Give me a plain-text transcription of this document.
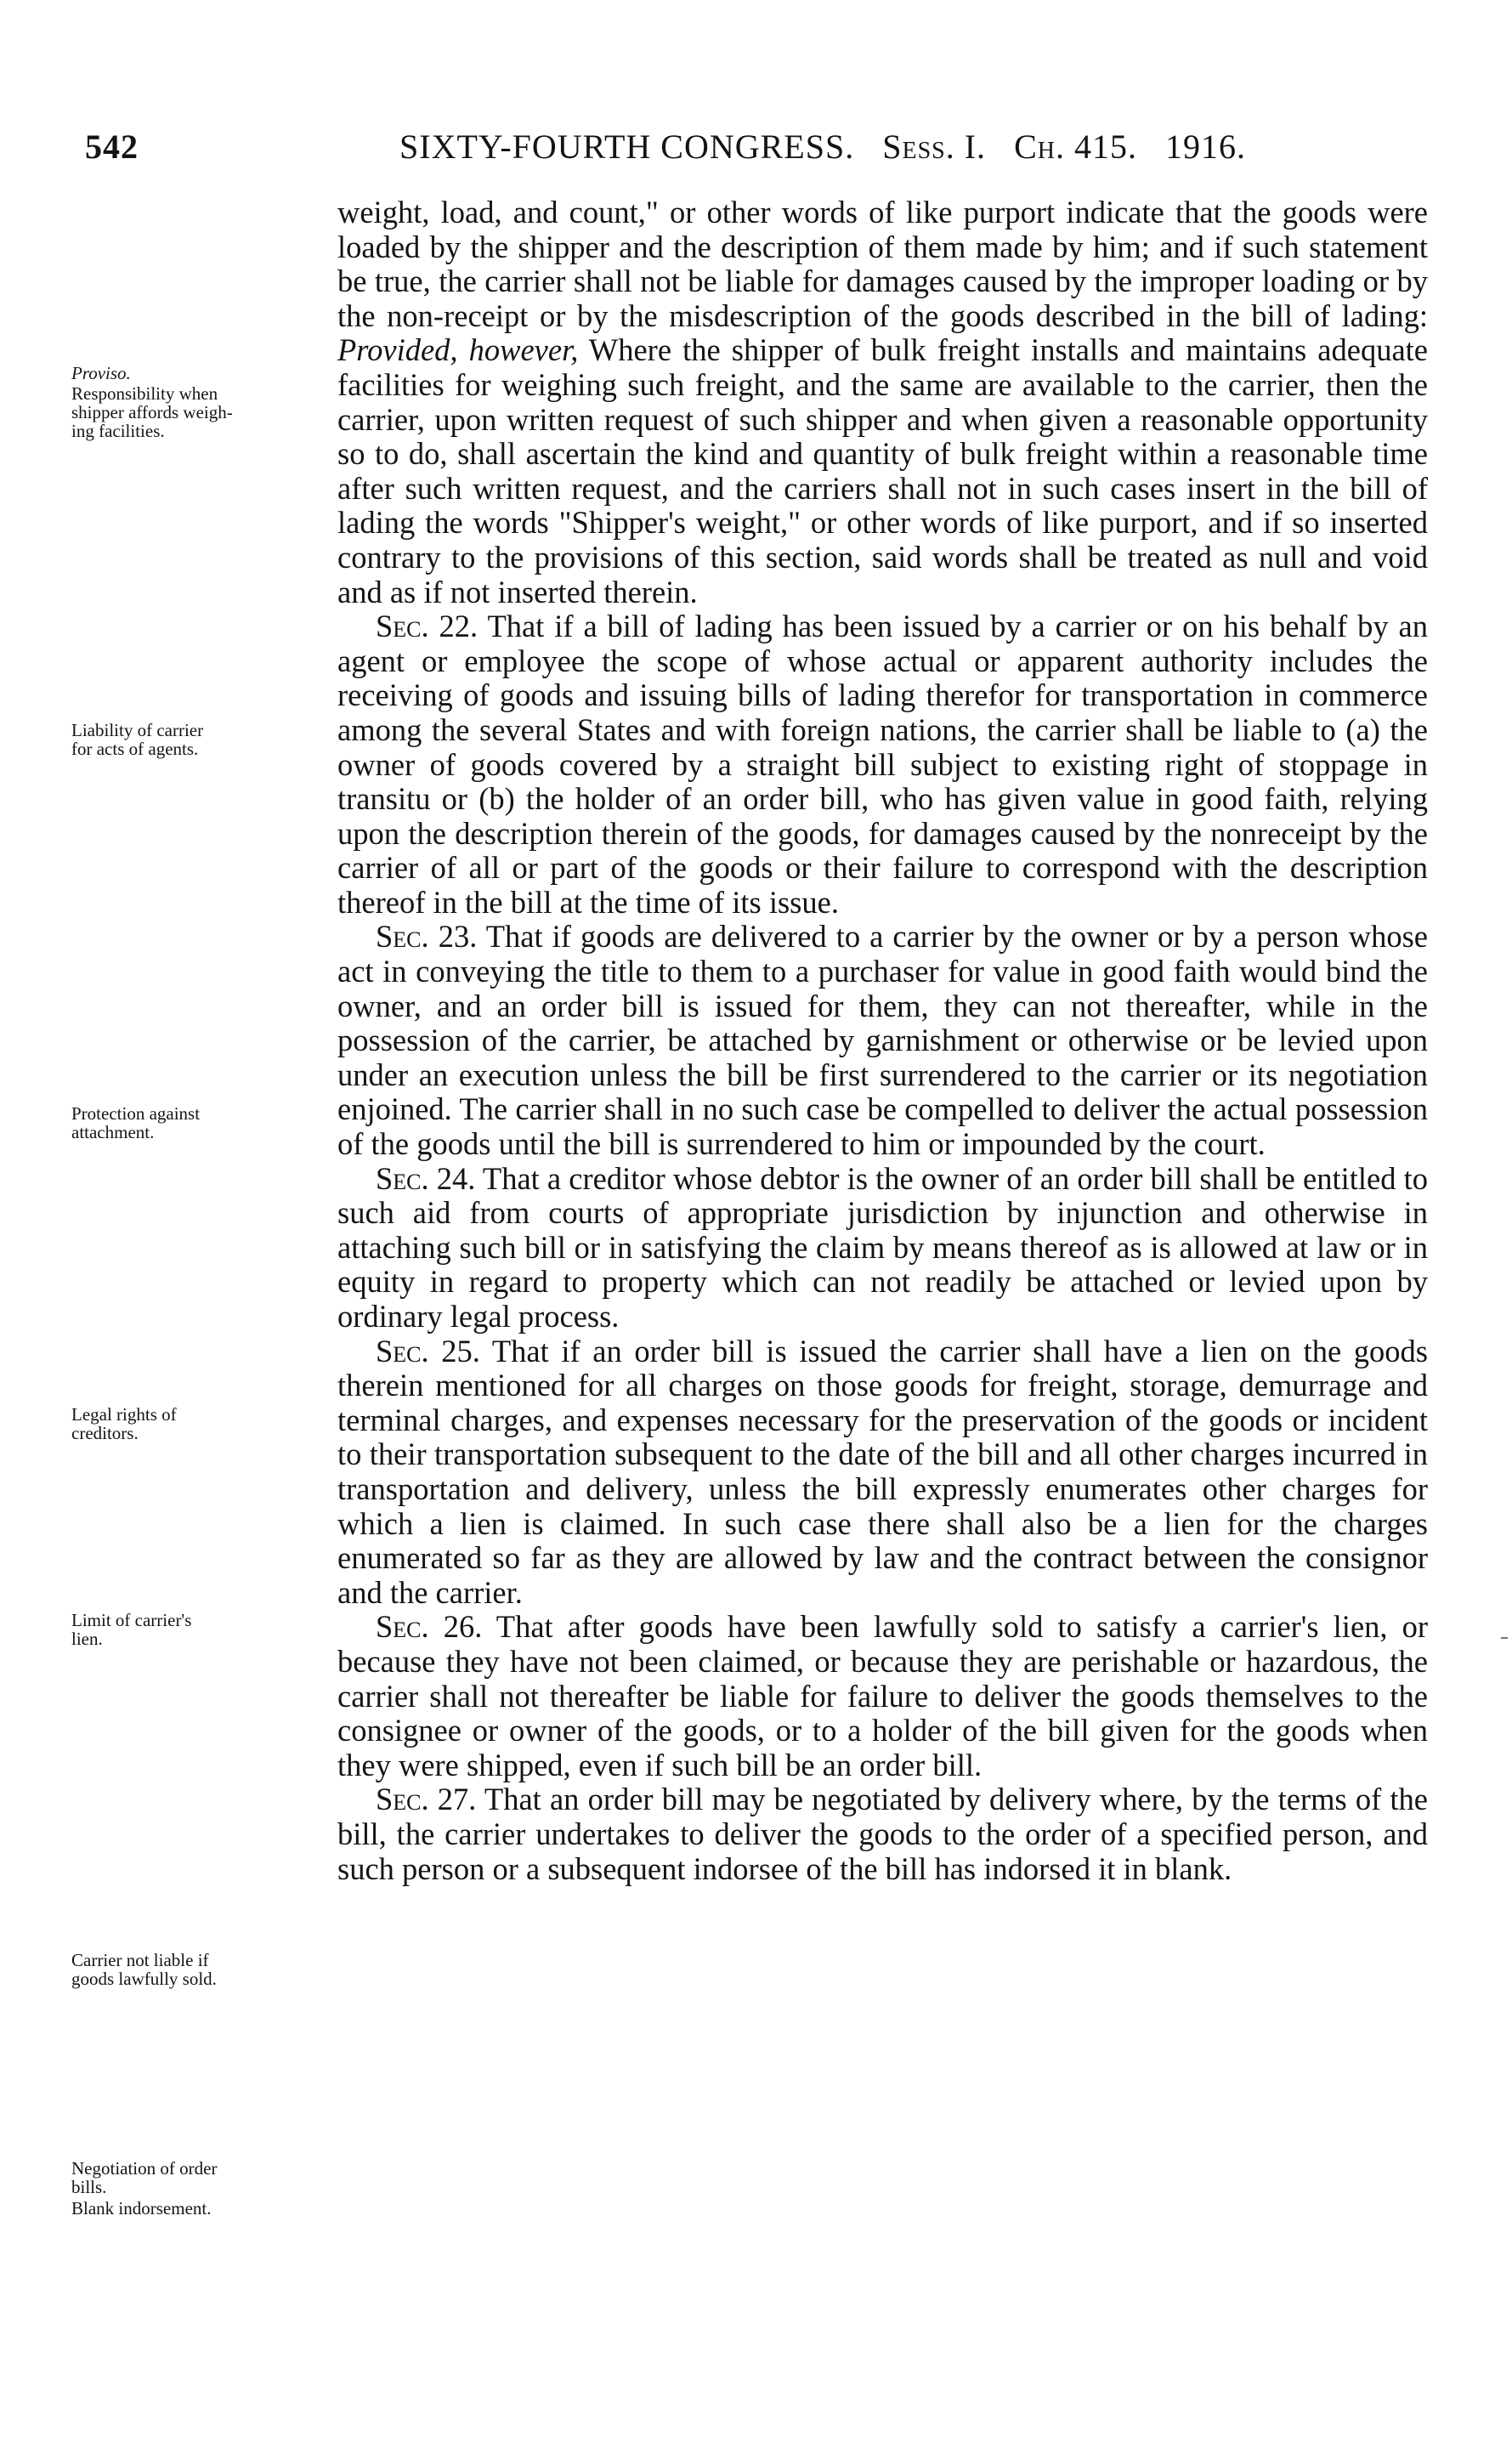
542	SIXTY-FOURTH CONGRESS. Sess. I. Ch. 415. 1916.
Proviso.
Responsibility when
shipper affords weigh-
ing facilities.
Liability of carrier
for acts of agents.
Protection against
attachment.
Legal rights of
creditors.
Limit of carrier's
lien.
Carrier not liable if
goods lawfully sold.
Negotiation of order
bills.
Blank indorsement.

weight, load, and count," or other words of like purport indicate that the goods were loaded by the shipper and the description of them made by him; and if such statement be true, the carrier shall not be liable for damages caused by the improper loading or by the non-receipt or by the misdescription of the goods described in the bill of lading: Provided, however, Where the shipper of bulk freight installs and maintains adequate facilities for weighing such freight, and the same are available to the carrier, then the carrier, upon written request of such shipper and when given a reasonable opportunity so to do, shall ascertain the kind and quantity of bulk freight within a reasonable time after such written request, and the carriers shall not in such cases insert in the bill of lading the words "Shipper's weight," or other words of like purport, and if so inserted contrary to the provisions of this section, said words shall be treated as null and void and as if not inserted therein.

Sec. 22. That if a bill of lading has been issued by a carrier or on his behalf by an agent or employee the scope of whose actual or apparent authority includes the receiving of goods and issuing bills of lading therefor for transportation in commerce among the several States and with foreign nations, the carrier shall be liable to (a) the owner of goods covered by a straight bill subject to existing right of stoppage in transitu or (b) the holder of an order bill, who has given value in good faith, relying upon the description therein of the goods, for damages caused by the nonreceipt by the carrier of all or part of the goods or their failure to correspond with the description thereof in the bill at the time of its issue.

Sec. 23. That if goods are delivered to a carrier by the owner or by a person whose act in conveying the title to them to a purchaser for value in good faith would bind the owner, and an order bill is issued for them, they can not thereafter, while in the possession of the carrier, be attached by garnishment or otherwise or be levied upon under an execution unless the bill be first surrendered to the carrier or its negotiation enjoined. The carrier shall in no such case be compelled to deliver the actual possession of the goods until the bill is surrendered to him or impounded by the court.

Sec. 24. That a creditor whose debtor is the owner of an order bill shall be entitled to such aid from courts of appropriate jurisdiction by injunction and otherwise in attaching such bill or in satisfying the claim by means thereof as is allowed at law or in equity in regard to property which can not readily be attached or levied upon by ordinary legal process.

Sec. 25. That if an order bill is issued the carrier shall have a lien on the goods therein mentioned for all charges on those goods for freight, storage, demurrage and terminal charges, and expenses necessary for the preservation of the goods or incident to their transportation subsequent to the date of the bill and all other charges incurred in transportation and delivery, unless the bill expressly enumerates other charges for which a lien is claimed. In such case there shall also be a lien for the charges enumerated so far as they are allowed by law and the contract between the consignor and the carrier.

Sec. 26. That after goods have been lawfully sold to satisfy a carrier's lien, or because they have not been claimed, or because they are perishable or hazardous, the carrier shall not thereafter be liable for failure to deliver the goods themselves to the consignee or owner of the goods, or to a holder of the bill given for the goods when they were shipped, even if such bill be an order bill.

Sec. 27. That an order bill may be negotiated by delivery where, by the terms of the bill, the carrier undertakes to deliver the goods to the order of a specified person, and such person or a subsequent indorsee of the bill has indorsed it in blank.
